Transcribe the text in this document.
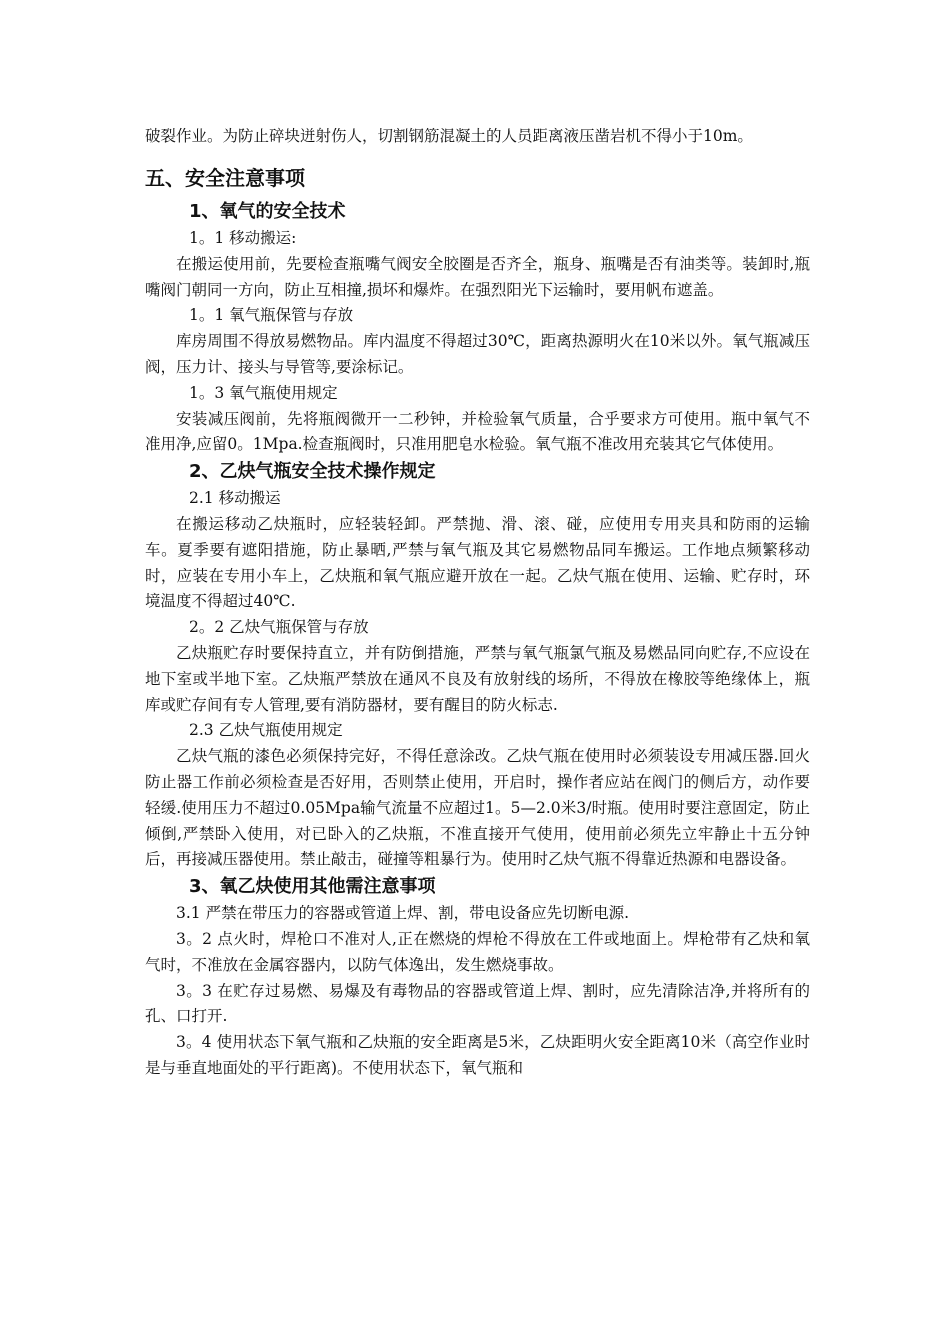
破裂作业。为防止碎块迸射伤人，切割钢筋混凝土的人员距离液压凿岩机不得小于10m。

五、安全注意事项
1、氧气的安全技术

1。1 移动搬运:

在搬运使用前，先要检查瓶嘴气阀安全胶圈是否齐全，瓶身、瓶嘴是否有油类等。装卸时,瓶嘴阀门朝同一方向，防止互相撞,损坏和爆炸。在强烈阳光下运输时，要用帆布遮盖。

1。1 氧气瓶保管与存放

库房周围不得放易燃物品。库内温度不得超过30℃，距离热源明火在10米以外。氧气瓶减压阀，压力计、接头与导管等,要涂标记。

1。3 氧气瓶使用规定

安装减压阀前，先将瓶阀微开一二秒钟，并检验氧气质量，合乎要求方可使用。瓶中氧气不准用净,应留0。1Mpa.检查瓶阀时，只准用肥皂水检验。氧气瓶不准改用充装其它气体使用。

2、乙炔气瓶安全技术操作规定

2.1 移动搬运

在搬运移动乙炔瓶时，应轻装轻卸。严禁抛、滑、滚、碰，应使用专用夹具和防雨的运输车。夏季要有遮阳措施，防止暴晒,严禁与氧气瓶及其它易燃物品同车搬运。工作地点频繁移动时，应装在专用小车上，乙炔瓶和氧气瓶应避开放在一起。乙炔气瓶在使用、运输、贮存时，环境温度不得超过40℃.

2。2 乙炔气瓶保管与存放

乙炔瓶贮存时要保持直立，并有防倒措施，严禁与氧气瓶氯气瓶及易燃品同向贮存,不应设在地下室或半地下室。乙炔瓶严禁放在通风不良及有放射线的场所，不得放在橡胶等绝缘体上，瓶库或贮存间有专人管理,要有消防器材，要有醒目的防火标志.

2.3 乙炔气瓶使用规定

乙炔气瓶的漆色必须保持完好，不得任意涂改。乙炔气瓶在使用时必须装设专用减压器.回火防止器工作前必须检查是否好用，否则禁止使用，开启时，操作者应站在阀门的侧后方，动作要轻缓.使用压力不超过0.05Mpa输气流量不应超过1。5—2.0米3/时瓶。使用时要注意固定，防止倾倒,严禁卧入使用，对已卧入的乙炔瓶，不准直接开气使用，使用前必须先立牢静止十五分钟后，再接减压器使用。禁止敲击，碰撞等粗暴行为。使用时乙炔气瓶不得靠近热源和电器设备。

3、氧乙炔使用其他需注意事项

3.1 严禁在带压力的容器或管道上焊、割，带电设备应先切断电源.

3。2 点火时，焊枪口不准对人,正在燃烧的焊枪不得放在工件或地面上。焊枪带有乙炔和氧气时，不准放在金属容器内，以防气体逸出，发生燃烧事故。

3。3 在贮存过易燃、易爆及有毒物品的容器或管道上焊、割时，应先清除洁净,并将所有的孔、口打开.

3。4 使用状态下氧气瓶和乙炔瓶的安全距离是5米，乙炔距明火安全距离10米（高空作业时是与垂直地面处的平行距离)。不使用状态下，氧气瓶和
